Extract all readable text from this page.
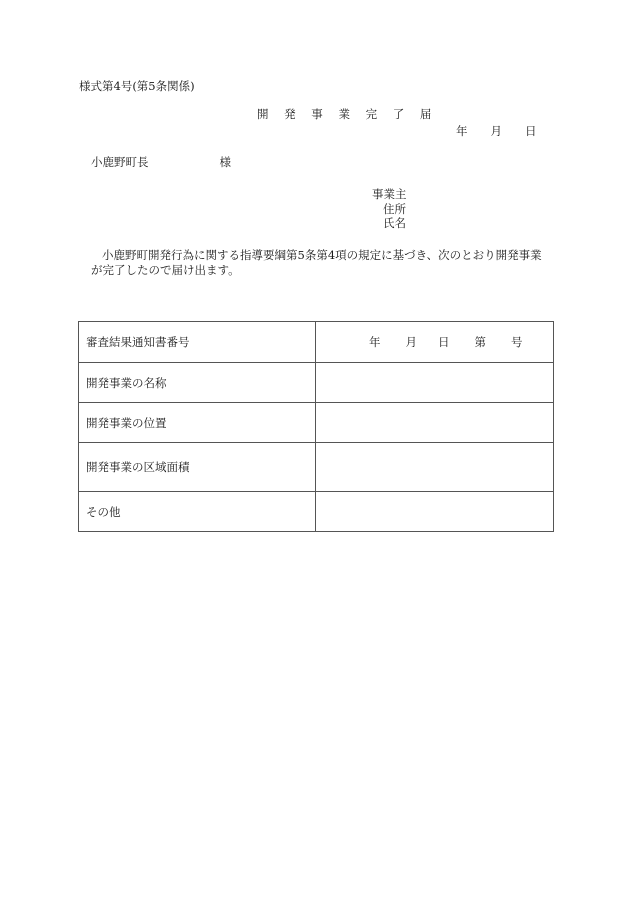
様式第4号(第5条関係)
開 発 事 業 完 了 届
年 月 日
小鹿野町長	様
事業主
住所
氏名
小鹿野町開発行為に関する指導要綱第5条第4項の規定に基づき、次のとおり開発事業
が完了したので届け出ます。
審査結果通知書番号	年 月 日 第 号
開発事業の名称	
開発事業の位置	
開発事業の区域面積	
その他	
